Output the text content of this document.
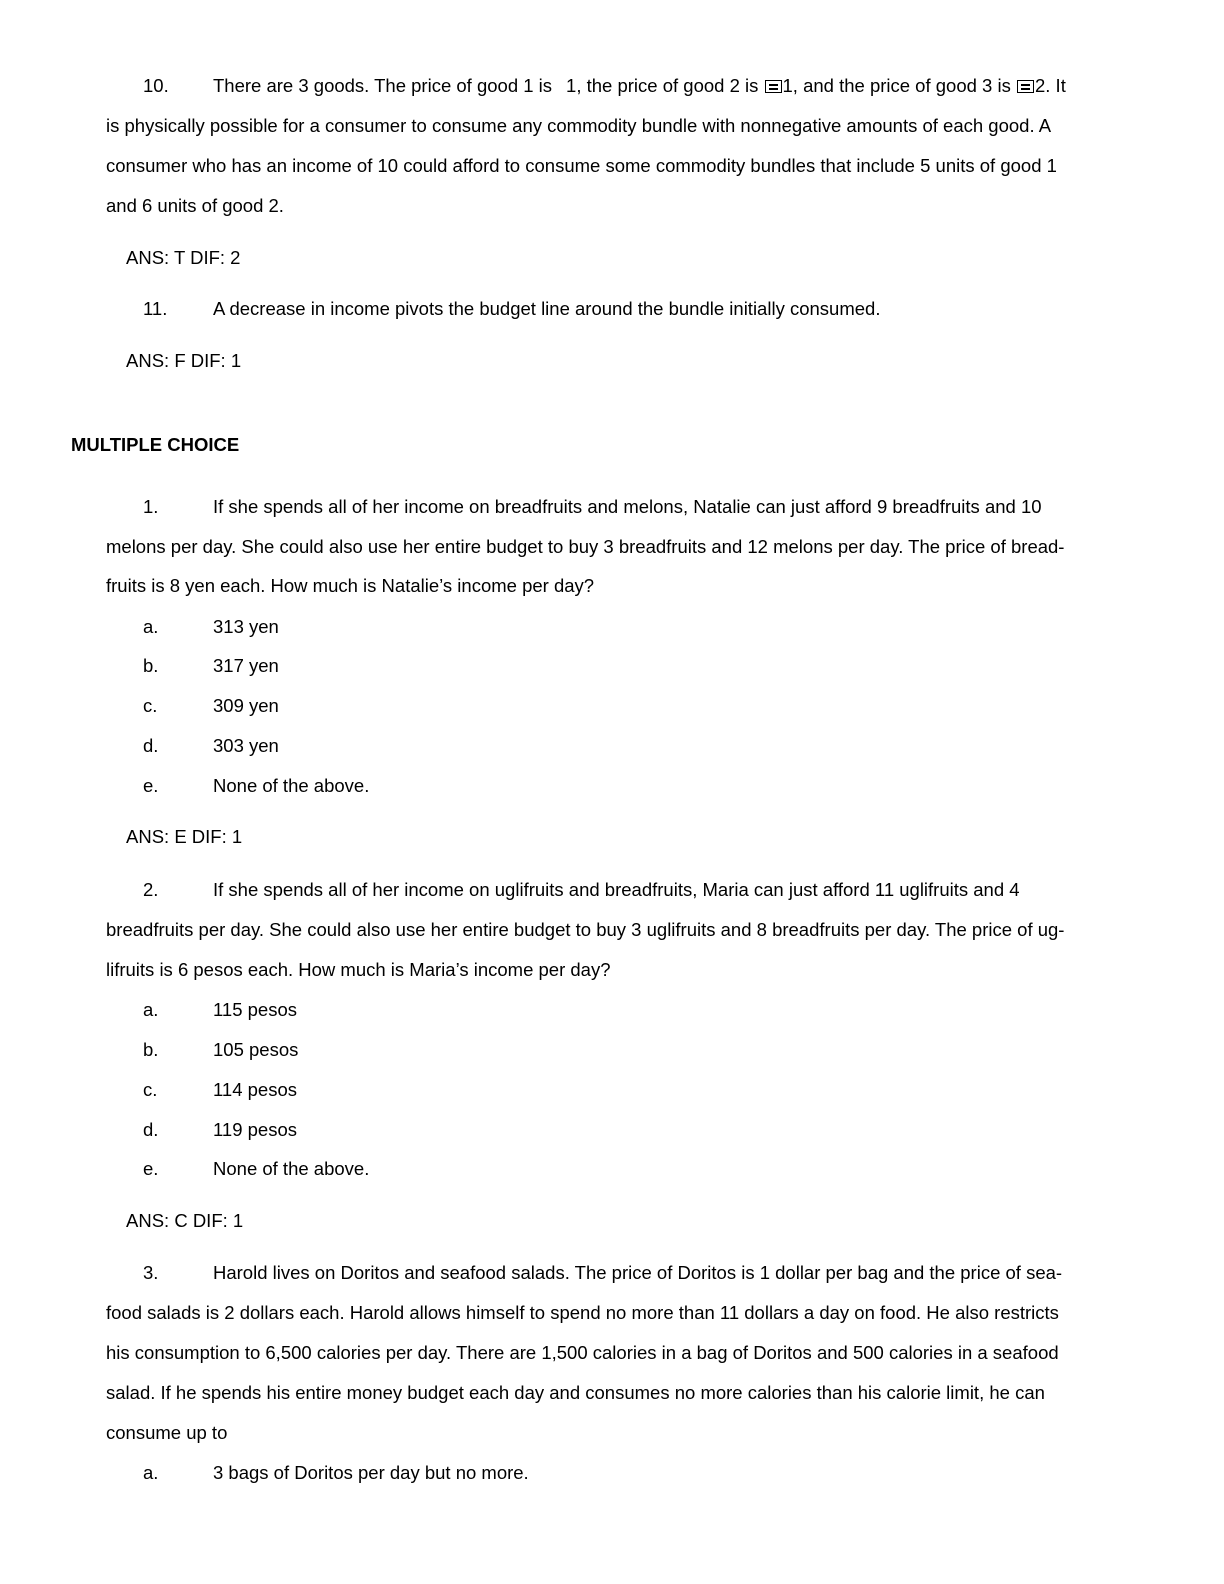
10. There are 3 goods. The price of good 1 is 1, the price of good 2 is 1, and the price of good 3 is 2. It
is physically possible for a consumer to consume any commodity bundle with nonnegative amounts of each good. A
consumer who has an income of 10 could afford to consume some commodity bundles that include 5 units of good 1
and 6 units of good 2.
ANS: T DIF: 2
11. A decrease in income pivots the budget line around the bundle initially consumed.
ANS: F DIF: 1
MULTIPLE CHOICE
1.	If she spends all of her income on breadfruits and melons, Natalie can just afford 9 breadfruits and 10
melons per day. She could also use her entire budget to buy 3 breadfruits and 12 melons per day. The price of bread-
fruits is 8 yen each. How much is Natalie’s income per day?
a.	313 yen
b.	317 yen
c.	309 yen
d.	303 yen
e.	None of the above.
ANS: E DIF: 1
2.	If she spends all of her income on uglifruits and breadfruits, Maria can just afford 11 uglifruits and 4
breadfruits per day. She could also use her entire budget to buy 3 uglifruits and 8 breadfruits per day. The price of ug-
lifruits is 6 pesos each. How much is Maria’s income per day?
a.	115 pesos
b.	105 pesos
c.	114 pesos
d.	119 pesos
e.	None of the above.
ANS: C DIF: 1
3.	Harold lives on Doritos and seafood salads. The price of Doritos is 1 dollar per bag and the price of sea-
food salads is 2 dollars each. Harold allows himself to spend no more than 11 dollars a day on food. He also restricts
his consumption to 6,500 calories per day. There are 1,500 calories in a bag of Doritos and 500 calories in a seafood
salad. If he spends his entire money budget each day and consumes no more calories than his calorie limit, he can
consume up to
a.	3 bags of Doritos per day but no more.
